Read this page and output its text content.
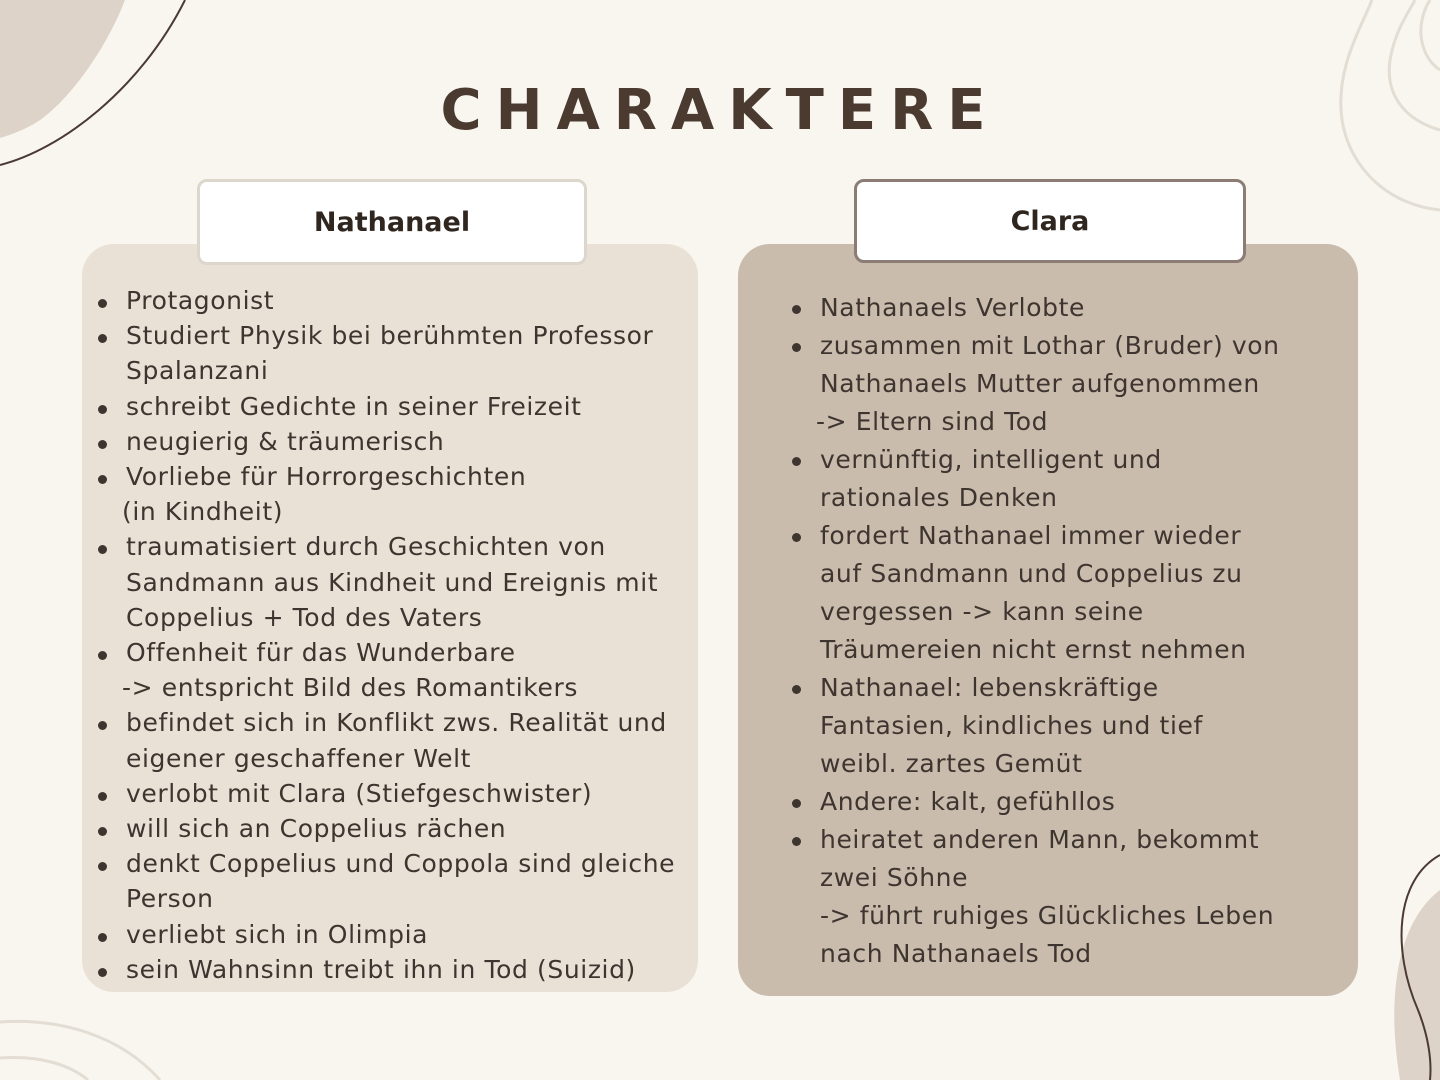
CHARAKTERE
Nathanael	Clara
Protagonist
Studiert Physik bei berühmten Professor
Spalanzani
schreibt Gedichte in seiner Freizeit
neugierig & träumerisch
Vorliebe für Horrorgeschichten
(in Kindheit)
traumatisiert durch Geschichten von
Sandmann aus Kindheit und Ereignis mit
Coppelius + Tod des Vaters
Offenheit für das Wunderbare
-> entspricht Bild des Romantikers
befindet sich in Konflikt zws. Realität und
eigener geschaffener Welt
verlobt mit Clara (Stiefgeschwister)
will sich an Coppelius rächen
denkt Coppelius und Coppola sind gleiche
Person
verliebt sich in Olimpia
sein Wahnsinn treibt ihn in Tod (Suizid)
Nathanaels Verlobte
zusammen mit Lothar (Bruder) von
Nathanaels Mutter aufgenommen
-> Eltern sind Tod
vernünftig, intelligent und
rationales Denken
fordert Nathanael immer wieder
auf Sandmann und Coppelius zu
vergessen -> kann seine
Träumereien nicht ernst nehmen
Nathanael: lebenskräftige
Fantasien, kindliches und tief
weibl. zartes Gemüt
Andere: kalt, gefühllos
heiratet anderen Mann, bekommt
zwei Söhne
-> führt ruhiges Glückliches Leben
nach Nathanaels Tod
